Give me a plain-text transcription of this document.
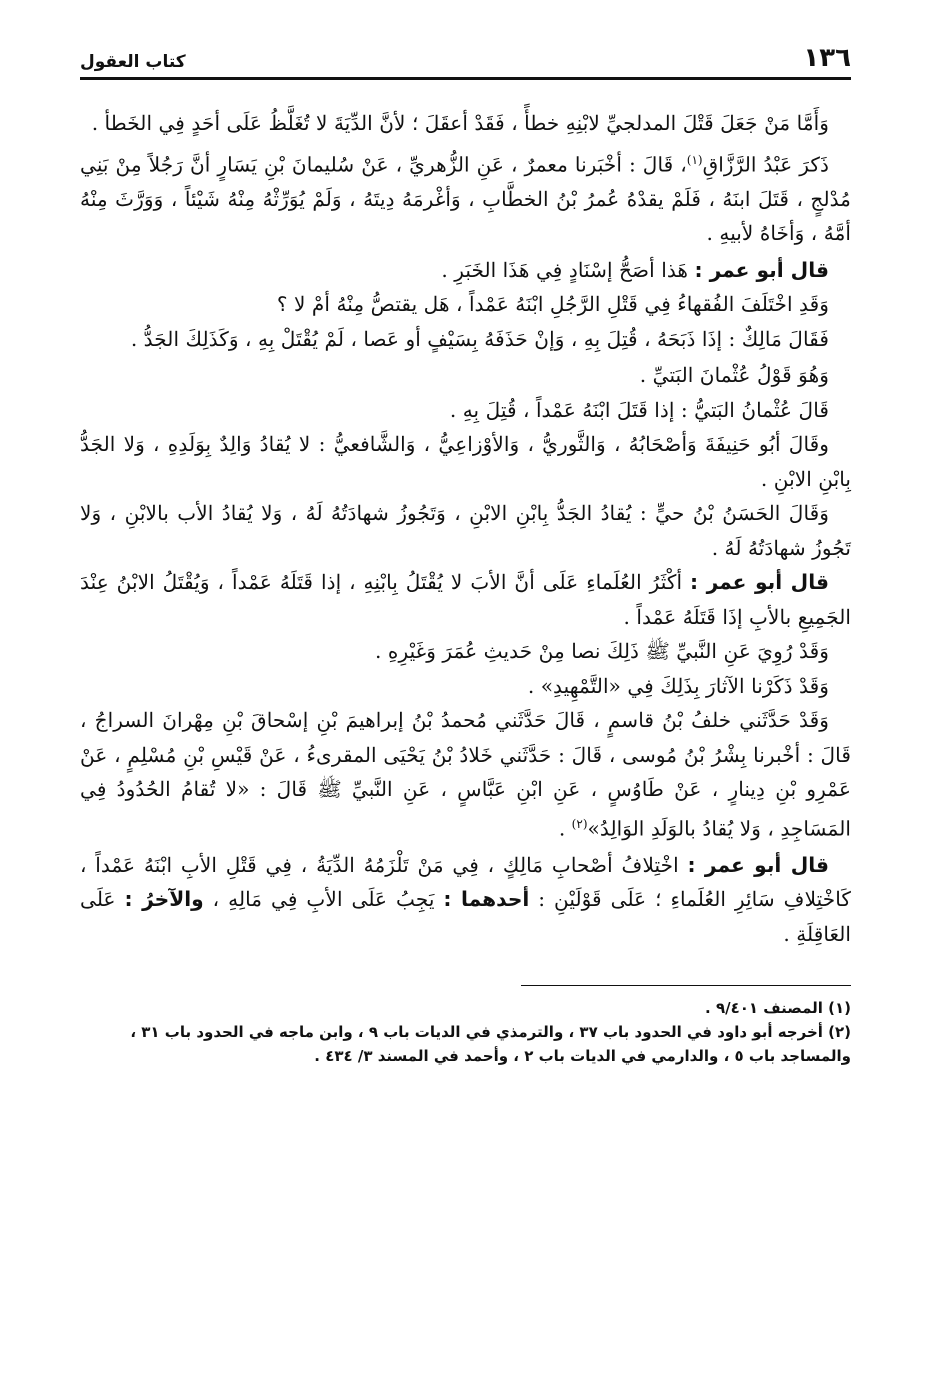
١٣٦
كتاب العقول

وَأَمَّا مَنْ جَعَلَ قَتْلَ المدلجيِّ لابْنِهِ خطأً ، فَقَدْ أعقَلَ ؛ لأنَّ الدِّيَةَ لا تُغَلَّظُ عَلَى أحَدٍ فِي الخَطأ .

ذَكرَ عَبْدُ الرَّزَّاقِ$^{(١)}$، قَالَ : أخْبَرنا معمرٌ ، عَنِ الزُّهريِّ ، عَنْ سُليمانَ بْنِ يَسَارٍ أنَّ رَجُلاً مِنْ بَنِي مُدْلجٍ ، قَتَلَ ابنَهُ ، فَلَمْ يقدْهُ عُمرُ بْنُ الخطَّابِ ، وَأغْرمَهُ دِيتَهُ ، وَلَمْ يُوَرِّثْهُ مِنْهُ شَيْئاً ، وَوَرَّثَ مِنْهُ أمَّهُ ، وَأخَاهُ لأبيهِ .

قال أبو عمر : هَذا أصَحُّ إسْنَادٍ فِي هَذَا الخَبَرِ .

وَقَدِ اخْتَلَفَ الفُقهاءُ فِي قَتْلِ الرَّجُلِ ابْنَهُ عَمْداً ، هَل يقتصُّ مِنْهُ أمْ لا ؟

فَقَالَ مَالِكٌ : إذَا ذَبَحَهُ ، قُتِلَ بِهِ ، وَإنْ حَذَفَهُ بِسَيْفٍ أو عَصا ، لَمْ يُقْتَلْ بِهِ ، وَكَذَلِكَ الجَدُّ .

وَهُوَ قَوْلُ عُثْمانَ البَتيِّ .

قَالَ عُثْمانُ البَتيُّ : إذا قَتَلَ ابْنَهُ عَمْداً ، قُتِلَ بِهِ .

وقَالَ أبُو حَنِيفَةَ وَأصْحَابُهُ ، وَالثَّوريُّ ، وَالأوْزاعِيُّ ، وَالشَّافعيُّ : لا يُقادُ وَالِدٌ بِوَلَدِهِ ، وَلا الجَدُّ بِابْنِ الابْنِ .

وَقَالَ الحَسَنُ بْنُ حيٍّ : يُقادُ الجَدُّ بِابْنِ الابْنِ ، وَتَجُوزُ شهادَتُهُ لَهُ ، وَلا يُقادُ الأب بالابْنِ ، وَلا تَجُوزُ شهادَتُهُ لَهُ .

قال أبو عمر : أكْثَرُ العُلَماءِ عَلَى أنَّ الأبَ لا يُقْتَلُ بِابْنِهِ ، إذا قَتَلَهُ عَمْداً ، وَيُقْتَلُ الابْنُ عِنْدَ الجَمِيعِ بالأبِ إذَا قَتَلَهُ عَمْداً .

وَقَدْ رُوِيَ عَنِ النَّبيِّ ﷺ ذَلِكَ نصا مِنْ حَديثِ عُمَرَ وَغَيْرِهِ .

وَقَدْ ذَكَرْنا الآثارَ بِذَلِكَ فِي «التَّمْهِيدِ» .

وَقَدْ حَدَّثَني خلفُ بْنُ قاسمٍ ، قَالَ حَدَّثَني مُحمدُ بْنُ إبراهيمَ بْنِ إسْحاقَ بْنِ مِهْرانَ السراجُ ، قَالَ : أخْبرنا بِشْرُ بْنُ مُوسى ، قَالَ : حَدَّثَني خَلادُ بْنُ يَحْيَى المقرىءُ ، عَنْ قَيْسِ بْنِ مُسْلِمٍ ، عَنْ عَمْرِو بْنِ دِينارٍ ، عَنْ طَاوُسٍ ، عَنِ ابْنِ عَبَّاسٍ ، عَنِ النَّبيِّ ﷺ قَالَ : «لا تُقامُ الحُدُودُ فِي المَسَاجِدِ ، وَلا يُقادُ بالوَلَدِ الوَالِدُ»$^{(٢)}$ .

قال أبو عمر : اخْتِلافُ أصْحابِ مَالِكٍ ، فِي مَنْ تَلْزَمُهُ الدِّيَةُ ، فِي قَتْلِ الأبِ ابْنَهُ عَمْداً ، كَاخْتِلافِ سَائِرِ العُلَماءِ ؛ عَلَى قَوْلَيْنِ : أحدهما : يَجِبُ عَلَى الأبِ فِي مَالِهِ ، والآخرُ : عَلَى العَاقِلَةِ .

(١) المصنف ٩/٤٠١ .

(٢) أخرجه أبو داود في الحدود باب ٣٧ ، والترمذي في الديات باب ٩ ، وابن ماجه في الحدود باب ٣١ ، والمساجد باب ٥ ، والدارمي في الديات باب ٢ ، وأحمد في المسند ٣/ ٤٣٤ .
